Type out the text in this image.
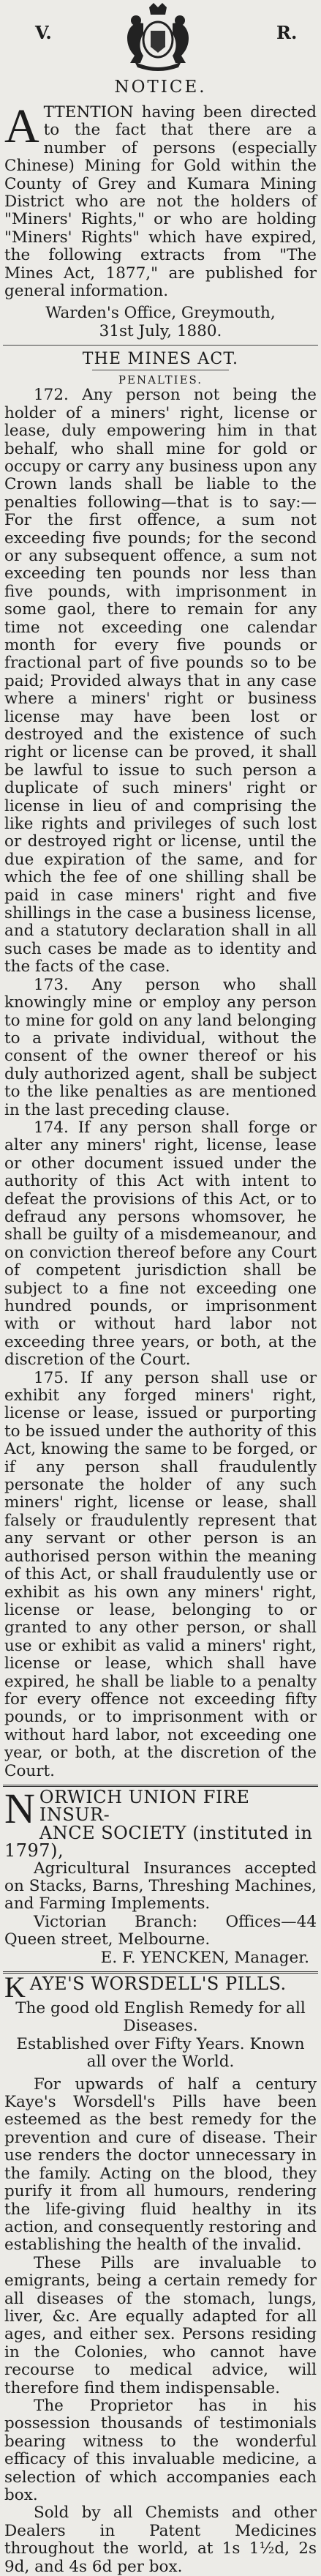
V.	R.
NOTICE.
A TTENTION having been directed to the fact that there are a number of persons (especially Chinese) Mining for Gold within the County of Grey and Kumara Mining District who are not the holders of "Miners' Rights," or who are holding "Miners' Rights" which have expired, the following extracts from "The Mines Act, 1877," are published for general information.

Warden's Office, Greymouth,

31st July, 1880.

THE MINES ACT.
PENALTIES.

172. Any person not being the holder of a miners' right, license or lease, duly empowering him in that behalf, who shall mine for gold or occupy or carry any business upon any Crown lands shall be liable to the penalties following—that is to say:—For the first offence, a sum not exceeding five pounds; for the second or any subsequent offence, a sum not exceeding ten pounds nor less than five pounds, with imprisonment in some gaol, there to remain for any time not exceeding one calendar month for every five pounds or fractional part of five pounds so to be paid; Provided always that in any case where a miners' right or business license may have been lost or destroyed and the existence of such right or license can be proved, it shall be lawful to issue to such person a duplicate of such miners' right or license in lieu of and comprising the like rights and privileges of such lost or destroyed right or license, until the due expiration of the same, and for which the fee of one shilling shall be paid in case miners' right and five shillings in the case a business license, and a statutory declaration shall in all such cases be made as to identity and the facts of the case.

173. Any person who shall knowingly mine or employ any person to mine for gold on any land belonging to a private individual, without the consent of the owner thereof or his duly authorized agent, shall be subject to the like penalties as are mentioned in the last preceding clause.

174. If any person shall forge or alter any miners' right, license, lease or other document issued under the authority of this Act with intent to defeat the provisions of this Act, or to defraud any persons whomsover, he shall be guilty of a misdemeanour, and on conviction thereof before any Court of competent jurisdiction shall be subject to a fine not exceeding one hundred pounds, or imprisonment with or without hard labor not exceeding three years, or both, at the discretion of the Court.

175. If any person shall use or exhibit any forged miners' right, license or lease, issued or purporting to be issued under the authority of this Act, knowing the same to be forged, or if any person shall fraudulently personate the holder of any such miners' right, license or lease, shall falsely or fraudulently represent that any servant or other person is an authorised person within the meaning of this Act, or shall fraudulently use or exhibit as his own any miners' right, license or lease, belonging to or granted to any other person, or shall use or exhibit as valid a miners' right, license or lease, which shall have expired, he shall be liable to a penalty for every offence not exceeding fifty pounds, or to imprisonment with or without hard labor, not exceeding one year, or both, at the discretion of the Court.

N ORWICH UNION FIRE INSUR-

ANCE SOCIETY (instituted in 1797),

Agricultural Insurances accepted on Stacks, Barns, Threshing Machines, and Farming Implements.

Victorian Branch: Offices—44 Queen street, Melbourne.

E. F. YENCKEN, Manager.

K AYE'S WORSDELL'S PILLS.

The good old English Remedy for all Diseases.

Established over Fifty Years. Known all over the World.

For upwards of half a century Kaye's Worsdell's Pills have been esteemed as the best remedy for the prevention and cure of disease. Their use renders the doctor unnecessary in the family. Acting on the blood, they purify it from all humours, rendering the life-giving fluid healthy in its action, and consequently restoring and establishing the health of the invalid.

These Pills are invaluable to emigrants, being a certain remedy for all diseases of the stomach, lungs, liver, &c. Are equally adapted for all ages, and either sex. Persons residing in the Colonies, who cannot have recourse to medical advice, will therefore find them indispensable.

The Proprietor has in his possession thousands of testimonials bearing witness to the wonderful efficacy of this invaluable medicine, a selection of which accompanies each box.

Sold by all Chemists and other Dealers in Patent Medicines throughout the world, at 1s 1½d, 2s 9d, and 4s 6d per box.
